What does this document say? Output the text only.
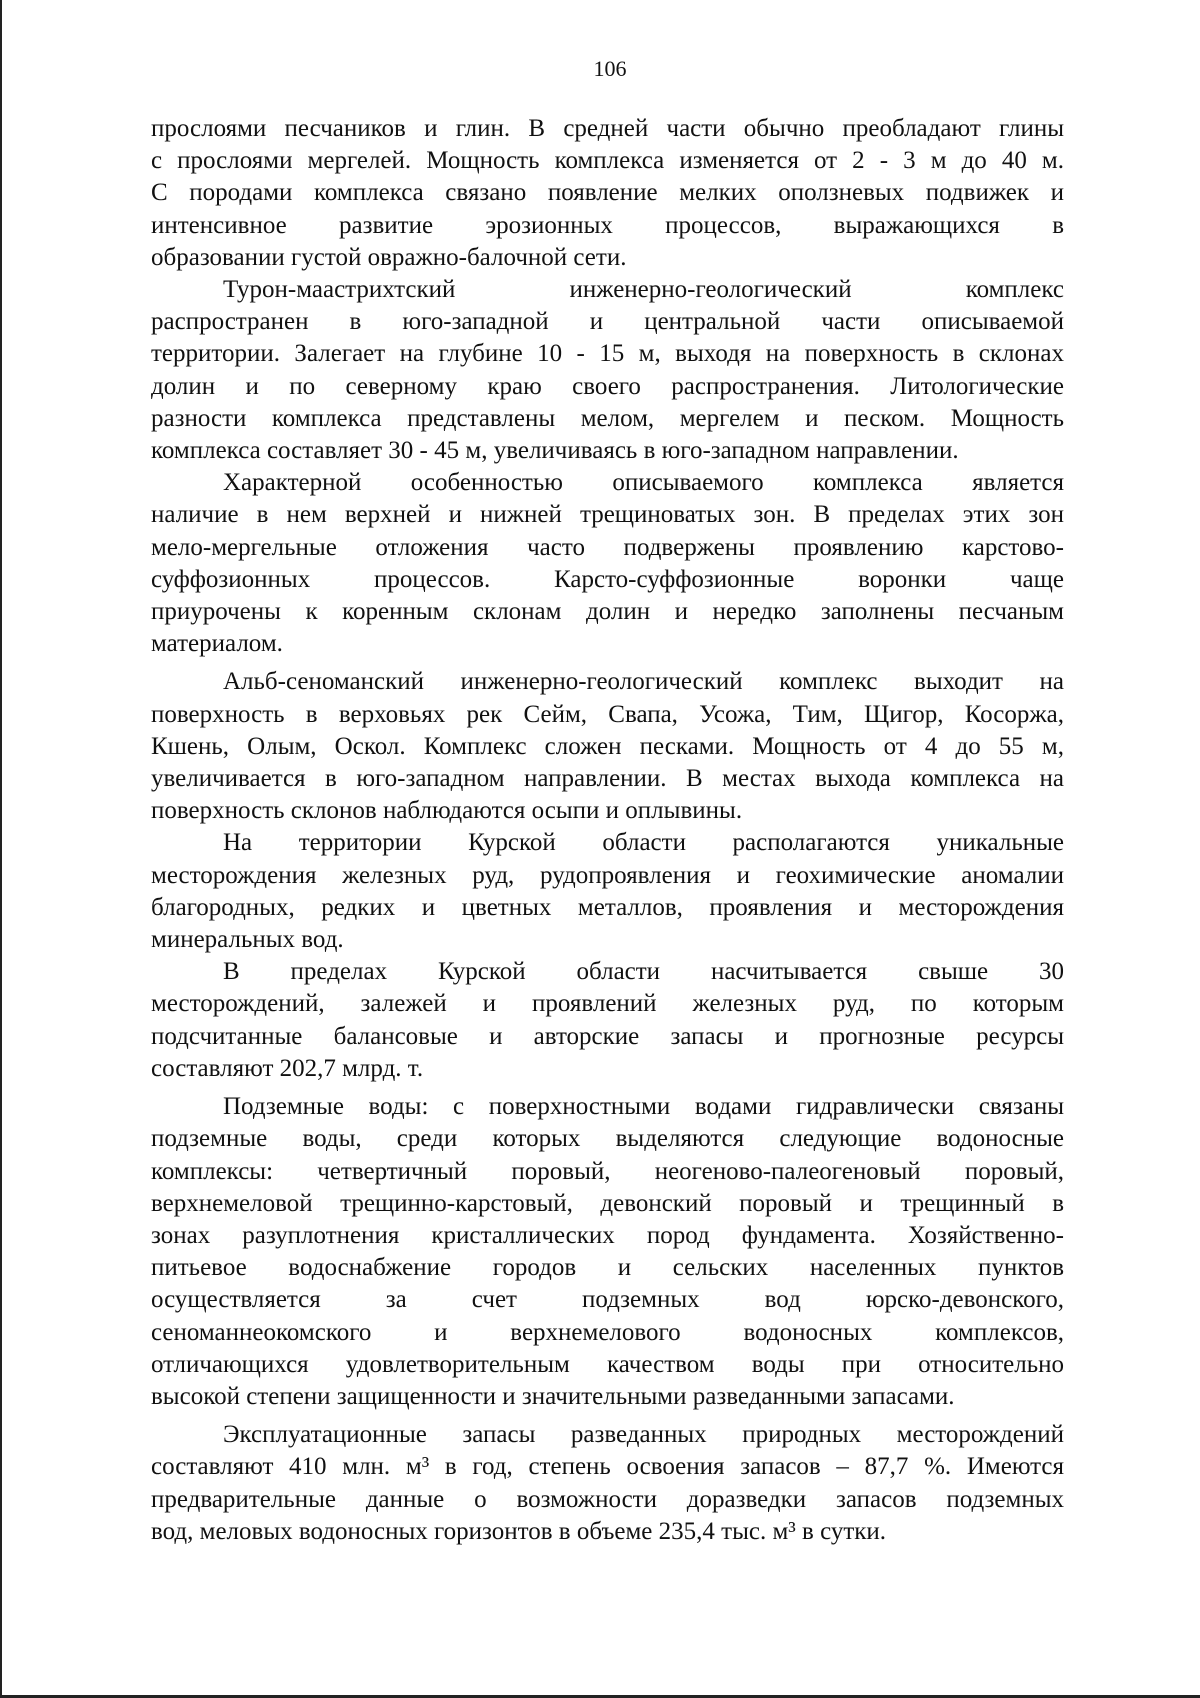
106
прослоями песчаников и глин. В средней части обычно преобладают глины
с прослоями мергелей. Мощность комплекса изменяется от 2 - 3 м до 40 м.
С породами комплекса связано появление мелких оползневых подвижек и
интенсивное развитие эрозионных процессов, выражающихся в
образовании густой овражно-балочной сети.
Турон-маастрихтский инженерно-геологический комплекс
распространен в юго-западной и центральной части описываемой
территории. Залегает на глубине 10 - 15 м, выходя на поверхность в склонах
долин и по северному краю своего распространения. Литологические
разности комплекса представлены мелом, мергелем и песком. Мощность
комплекса составляет 30 - 45 м, увеличиваясь в юго-западном направлении.
Характерной особенностью описываемого комплекса является
наличие в нем верхней и нижней трещиноватых зон. В пределах этих зон
мело-мергельные отложения часто подвержены проявлению карстово-
суффозионных процессов. Карсто-суффозионные воронки чаще
приурочены к коренным склонам долин и нередко заполнены песчаным
материалом.
Альб-сеноманский инженерно-геологический комплекс выходит на
поверхность в верховьях рек Сейм, Свапа, Усожа, Тим, Щигор, Косоржа,
Кшень, Олым, Оскол. Комплекс сложен песками. Мощность от 4 до 55 м,
увеличивается в юго-западном направлении. В местах выхода комплекса на
поверхность склонов наблюдаются осыпи и оплывины.
На территории Курской области располагаются уникальные
месторождения железных руд, рудопроявления и геохимические аномалии
благородных, редких и цветных металлов, проявления и месторождения
минеральных вод.
В пределах Курской области насчитывается свыше 30
месторождений, залежей и проявлений железных руд, по которым
подсчитанные балансовые и авторские запасы и прогнозные ресурсы
составляют 202,7 млрд. т.
Подземные воды: с поверхностными водами гидравлически связаны
подземные воды, среди которых выделяются следующие водоносные
комплексы: четвертичный поровый, неогеново-палеогеновый поровый,
верхнемеловой трещинно-карстовый, девонский поровый и трещинный в
зонах разуплотнения кристаллических пород фундамента. Хозяйственно-
питьевое водоснабжение городов и сельских населенных пунктов
осуществляется за счет подземных вод юрско-девонского,
сеноманнеокомского и верхнемелового водоносных комплексов,
отличающихся удовлетворительным качеством воды при относительно
высокой степени защищенности и значительными разведанными запасами.
Эксплуатационные запасы разведанных природных месторождений
составляют 410 млн. м³ в год, степень освоения запасов – 87,7 %. Имеются
предварительные данные о возможности доразведки запасов подземных
вод, меловых водоносных горизонтов в объеме 235,4 тыс. м³ в сутки.
